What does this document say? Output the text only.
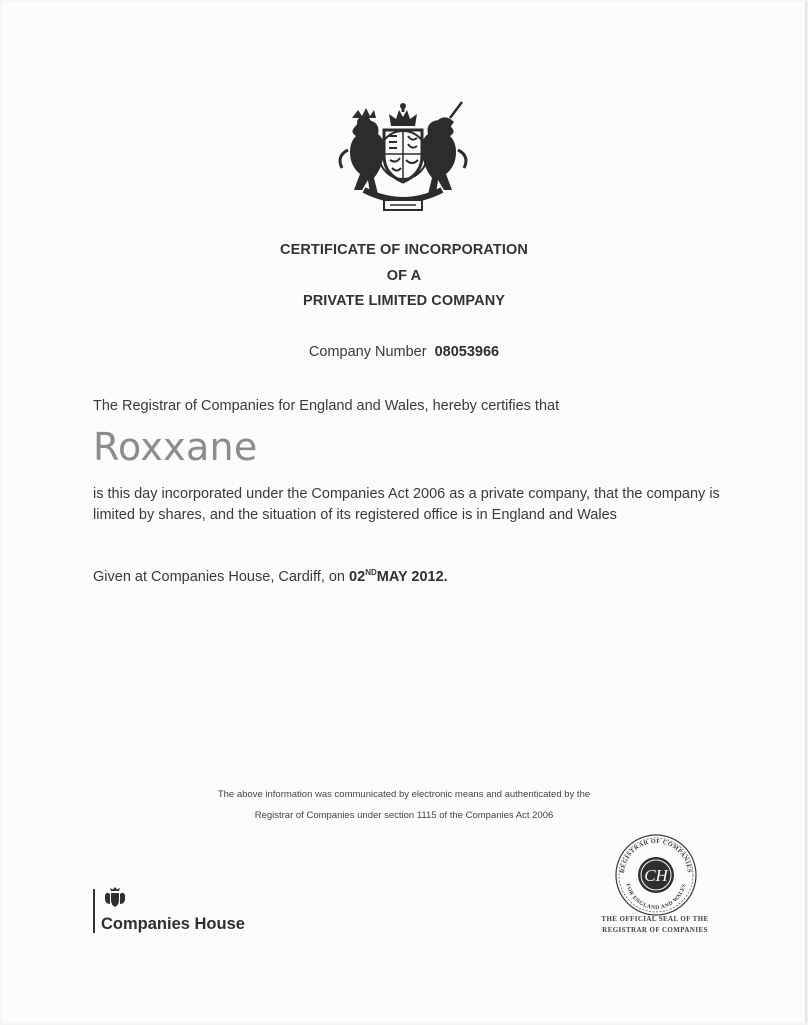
CERTIFICATE OF INCORPORATION
OF A
PRIVATE LIMITED COMPANY
Company Number 08053966
The Registrar of Companies for England and Wales, hereby certifies that
Roxxane
is this day incorporated under the Companies Act 2006 as a private company, that the company is limited by shares, and the situation of its registered office is in England and Wales
Given at Companies House, Cardiff, on 02NDMAY 2012.
The above information was communicated by electronic means and authenticated by the
Registrar of Companies under section 1115 of the Companies Act 2006
Companies House
REGISTRAR OF COMPANIES
FOR ENGLAND AND WALES
CH
THE OFFICIAL SEAL OF THE
REGISTRAR OF COMPANIES
